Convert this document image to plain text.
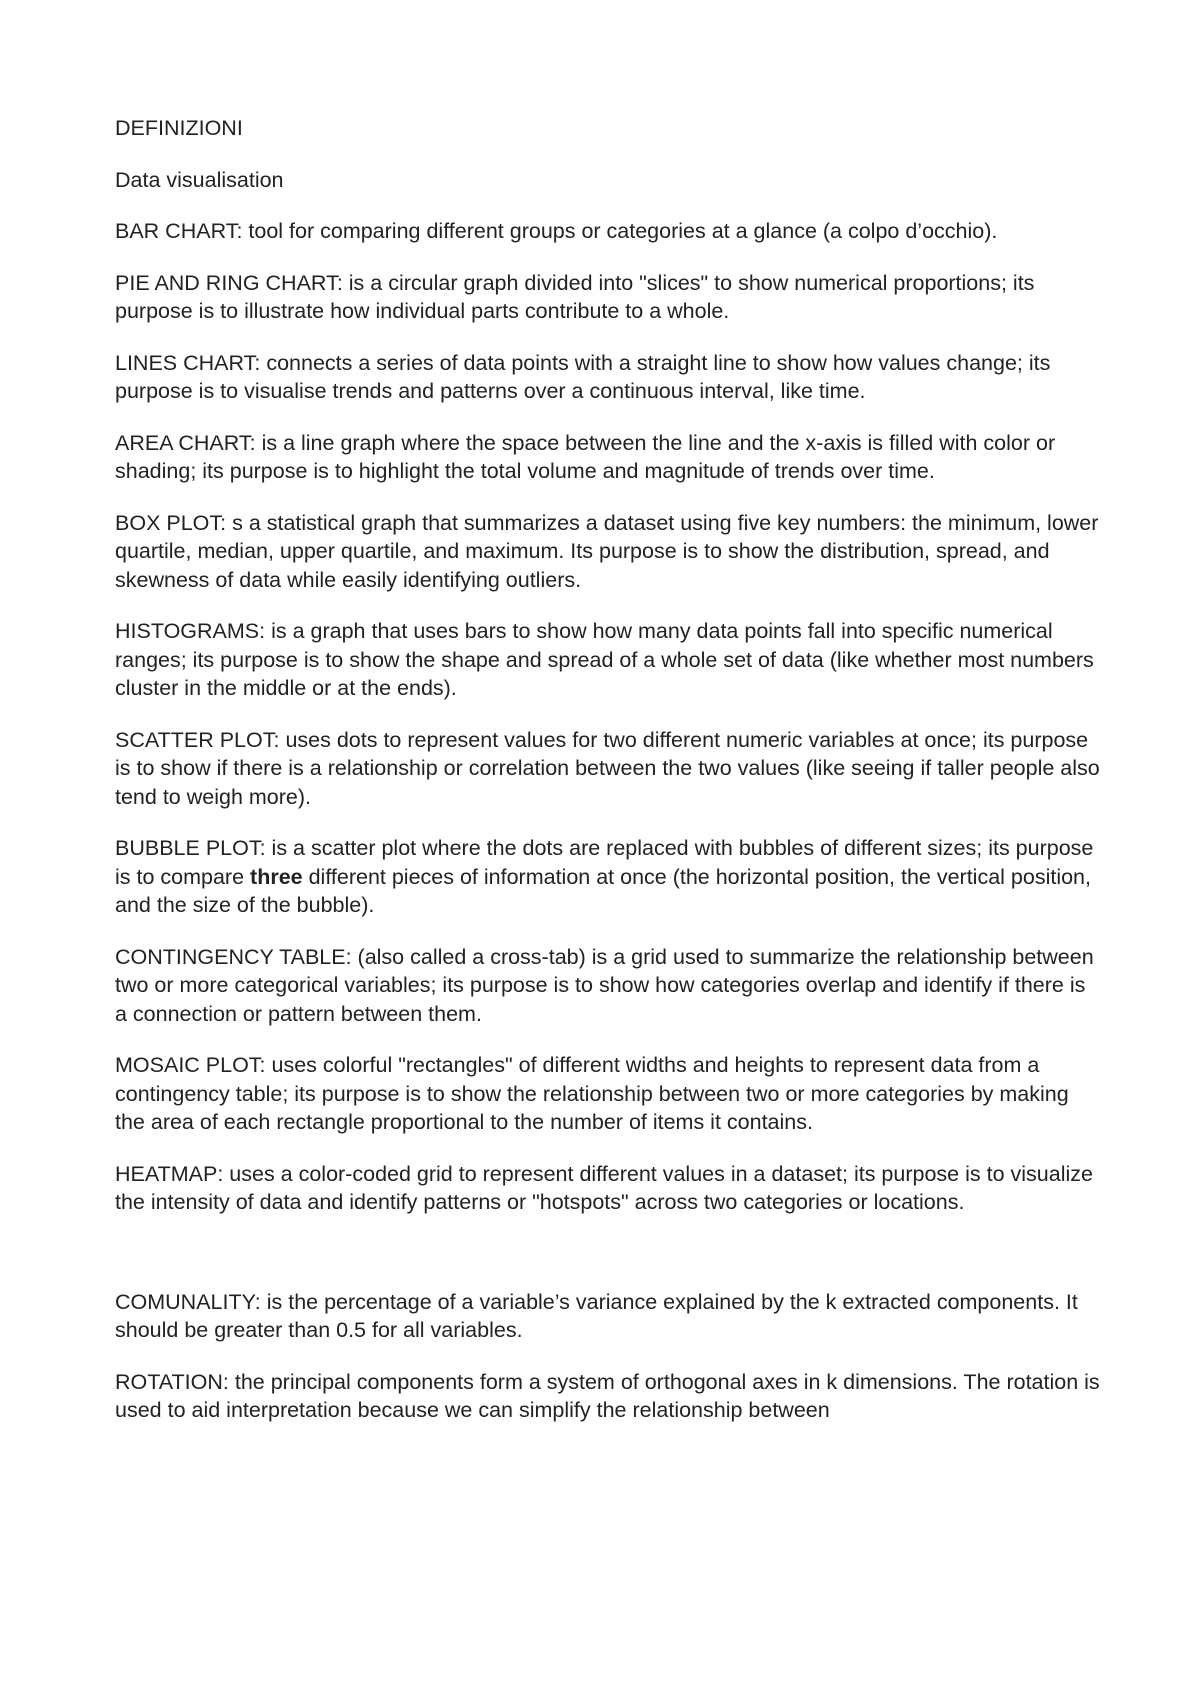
DEFINIZIONI

Data visualisation

BAR CHART: tool for comparing different groups or categories at a glance (a colpo d’occhio).

PIE AND RING CHART: is a circular graph divided into "slices" to show numerical proportions; its purpose is to illustrate how individual parts contribute to a whole.

LINES CHART: connects a series of data points with a straight line to show how values change; its purpose is to visualise trends and patterns over a continuous interval, like time.

AREA CHART: is a line graph where the space between the line and the x-axis is filled with color or shading; its purpose is to highlight the total volume and magnitude of trends over time.

BOX PLOT: s a statistical graph that summarizes a dataset using five key numbers: the minimum, lower quartile, median, upper quartile, and maximum. Its purpose is to show the distribution, spread, and skewness of data while easily identifying outliers.

HISTOGRAMS: is a graph that uses bars to show how many data points fall into specific numerical ranges; its purpose is to show the shape and spread of a whole set of data (like whether most numbers cluster in the middle or at the ends).

SCATTER PLOT: uses dots to represent values for two different numeric variables at once; its purpose is to show if there is a relationship or correlation between the two values (like seeing if taller people also tend to weigh more).

BUBBLE PLOT: is a scatter plot where the dots are replaced with bubbles of different sizes; its purpose is to compare three different pieces of information at once (the horizontal position, the vertical position, and the size of the bubble).

CONTINGENCY TABLE: (also called a cross-tab) is a grid used to summarize the relationship between two or more categorical variables; its purpose is to show how categories overlap and identify if there is a connection or pattern between them.

MOSAIC PLOT: uses colorful "rectangles" of different widths and heights to represent data from a contingency table; its purpose is to show the relationship between two or more categories by making the area of each rectangle proportional to the number of items it contains.

HEATMAP: uses a color-coded grid to represent different values in a dataset; its purpose is to visualize the intensity of data and identify patterns or "hotspots" across two categories or locations.

COMUNALITY: is the percentage of a variable’s variance explained by the k extracted components. It should be greater than 0.5 for all variables.

ROTATION: the principal components form a system of orthogonal axes in k dimensions. The rotation is used to aid interpretation because we can simplify the relationship between
